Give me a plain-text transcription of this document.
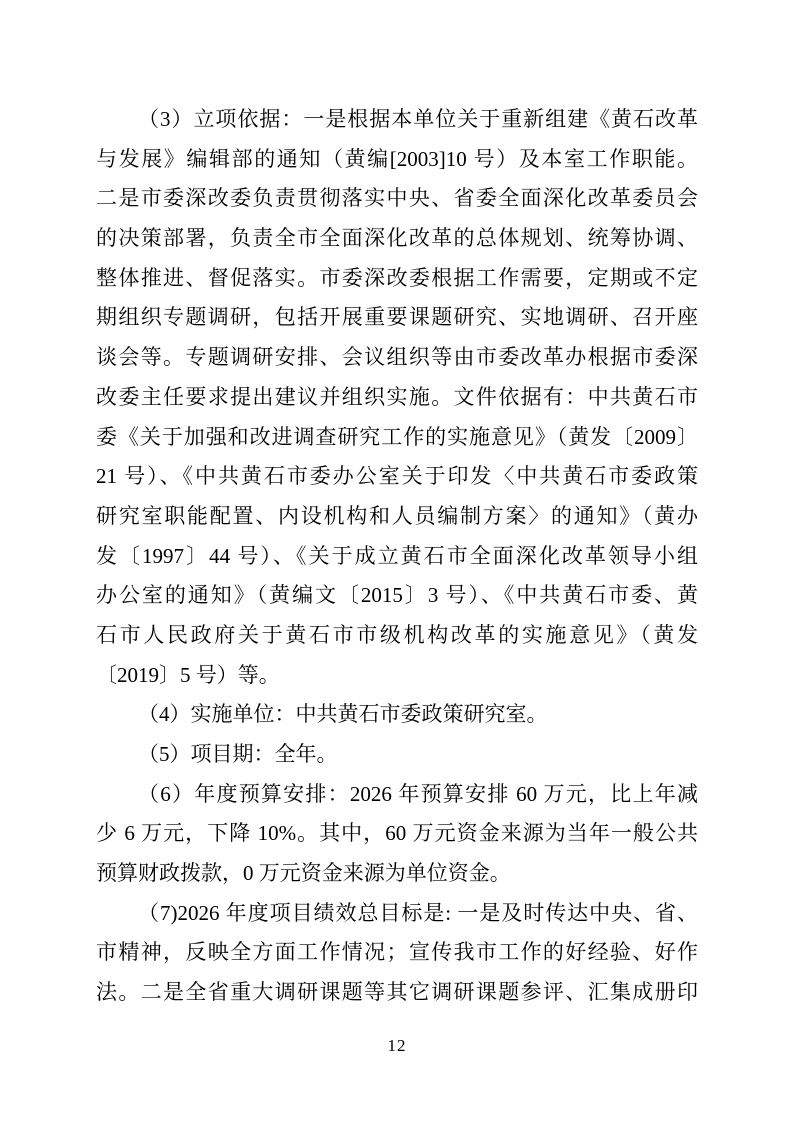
（3）立项依据：一是根据本单位关于重新组建《黄石改革
与发展》编辑部的通知（黄编[2003]10 号）及本室工作职能。
二是市委深改委负责贯彻落实中央、省委全面深化改革委员会
的决策部署，负责全市全面深化改革的总体规划、统筹协调、
整体推进、督促落实。市委深改委根据工作需要，定期或不定
期组织专题调研，包括开展重要课题研究、实地调研、召开座
谈会等。专题调研安排、会议组织等由市委改革办根据市委深
改委主任要求提出建议并组织实施。文件依据有：中共黄石市
委《关于加强和改进调查研究工作的实施意见》（黄发〔2009〕
21 号）、《中共黄石市委办公室关于印发〈中共黄石市委政策
研究室职能配置、内设机构和人员编制方案〉的通知》（黄办
发〔1997〕44 号）、《关于成立黄石市全面深化改革领导小组
办公室的通知》（黄编文〔2015〕3 号）、《中共黄石市委、黄
石市人民政府关于黄石市市级机构改革的实施意见》（黄发
〔2019〕5 号）等。
（4）实施单位：中共黄石市委政策研究室。
（5）项目期：全年。
（6）年度预算安排：2026 年预算安排 60 万元，比上年减
少 6 万元，下降 10%。其中，60 万元资金来源为当年一般公共
预算财政拨款，0 万元资金来源为单位资金。
（7)2026 年度项目绩效总目标是: 一是及时传达中央、省、
市精神，反映全方面工作情况；宣传我市工作的好经验、好作
法。二是全省重大调研课题等其它调研课题参评、汇集成册印
12
